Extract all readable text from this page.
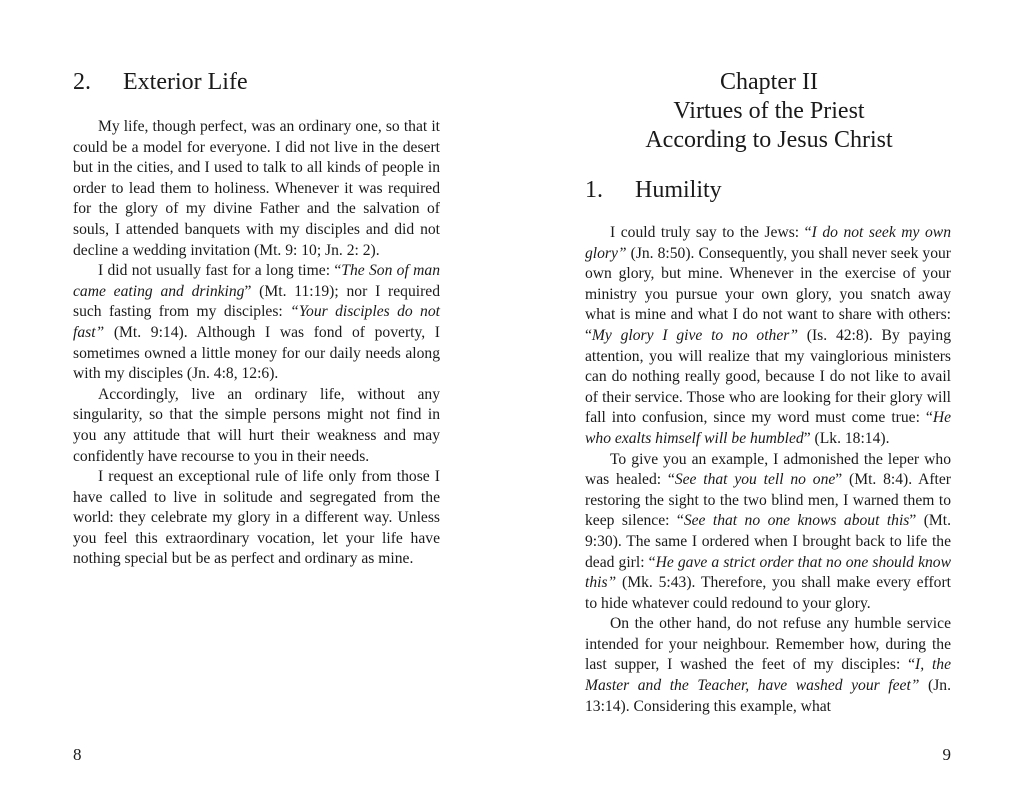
2. Exterior Life

My life, though perfect, was an ordinary one, so that it could be a model for everyone. I did not live in the desert but in the cities, and I used to talk to all kinds of people in order to lead them to holiness. Whenever it was required for the glory of my divine Father and the salvation of souls, I attended banquets with my disciples and did not decline a wedding invitation (Mt. 9: 10; Jn. 2: 2).

I did not usually fast for a long time: “The Son of man came eating and drinking” (Mt. 11:19); nor I required such fasting from my disciples: “Your disciples do not fast” (Mt. 9:14). Although I was fond of poverty, I sometimes owned a little money for our daily needs along with my disciples (Jn. 4:8, 12:6).

Accordingly, live an ordinary life, without any singularity, so that the simple persons might not find in you any attitude that will hurt their weakness and may confidently have recourse to you in their needs.

I request an exceptional rule of life only from those I have called to live in solitude and segregated from the world: they celebrate my glory in a different way. Unless you feel this extraordinary vocation, let your life have nothing special but be as perfect and ordinary as mine.

8
Chapter II
Virtues of the Priest
According to Jesus Christ
1. Humility

I could truly say to the Jews: “I do not seek my own glory” (Jn. 8:50). Consequently, you shall never seek your own glory, but mine. Whenever in the exercise of your ministry you pursue your own glory, you snatch away what is mine and what I do not want to share with others: “My glory I give to no other” (Is. 42:8). By paying attention, you will realize that my vainglorious ministers can do nothing really good, because I do not like to avail of their service. Those who are looking for their glory will fall into confusion, since my word must come true: “He who exalts himself will be humbled” (Lk. 18:14).

To give you an example, I admonished the leper who was healed: “See that you tell no one” (Mt. 8:4). After restoring the sight to the two blind men, I warned them to keep silence: “See that no one knows about this” (Mt. 9:30). The same I ordered when I brought back to life the dead girl: “He gave a strict order that no one should know this” (Mk. 5:43). Therefore, you shall make every effort to hide whatever could redound to your glory.

On the other hand, do not refuse any humble service intended for your neighbour. Remember how, during the last supper, I washed the feet of my disciples: “I, the Master and the Teacher, have washed your feet” (Jn. 13:14). Considering this example, what

9
